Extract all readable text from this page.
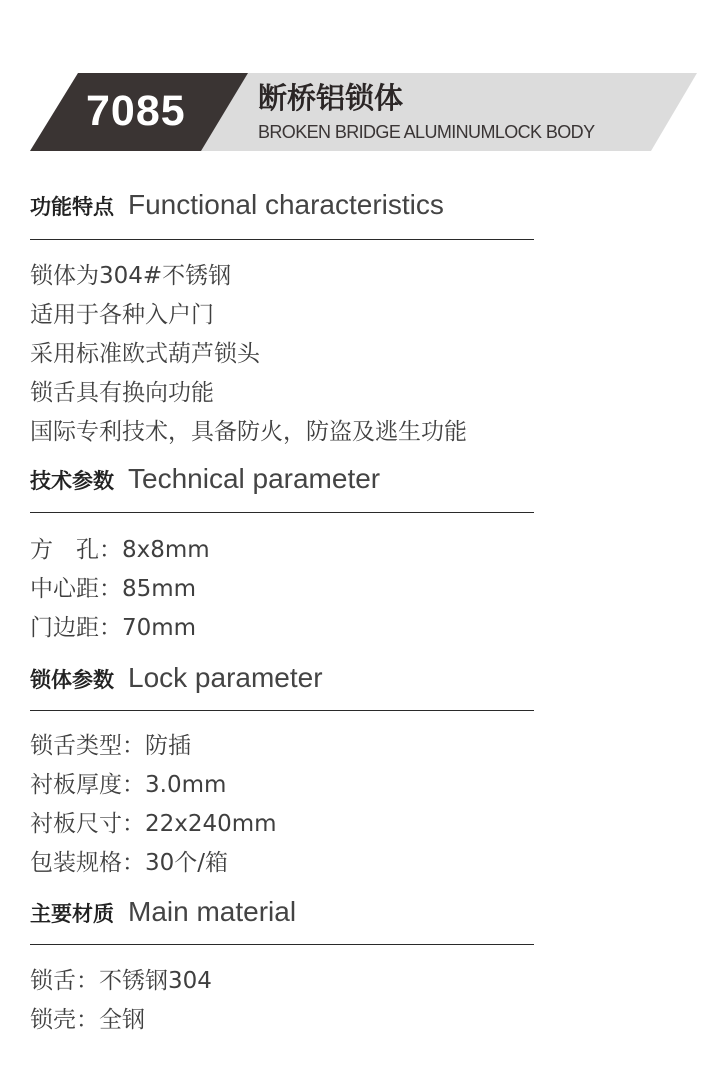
7085	断桥铝锁体
BROKEN BRIDGE ALUMINUMLOCK BODY
功能特点 Functional characteristics
锁体为304#不锈钢
适用于各种入户门
采用标准欧式葫芦锁头
锁舌具有换向功能
国际专利技术，具备防火，防盗及逃生功能
技术参数 Technical parameter
方　孔：8x8mm
中心距：85mm
门边距：70mm
锁体参数 Lock parameter
锁舌类型：防插
衬板厚度：3.0mm
衬板尺寸：22x240mm
包装规格：30个/箱
主要材质 Main material
锁舌：不锈钢304
锁壳：全钢
